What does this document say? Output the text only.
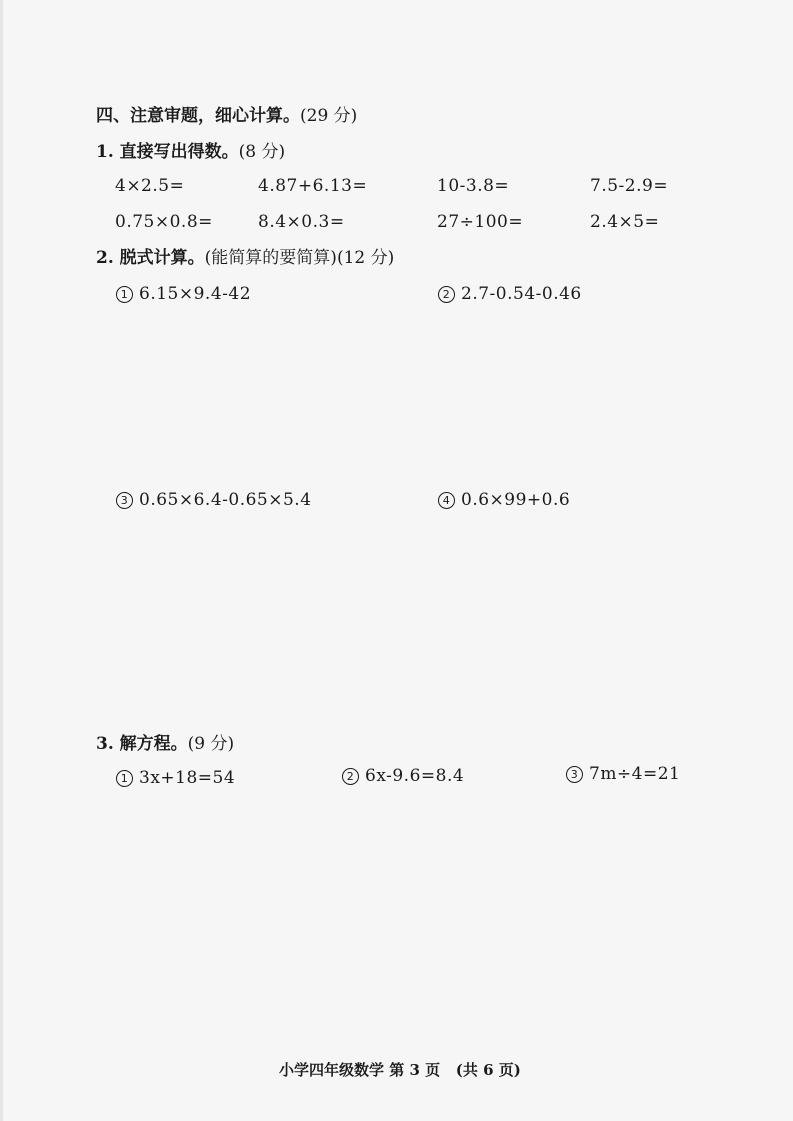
四、注意审题，细心计算。(29 分)
1. 直接写出得数。(8 分)
4×2.5=	4.87+6.13=	10-3.8=	7.5-2.9=
0.75×0.8=	8.4×0.3=	27÷100=	2.4×5=
2. 脱式计算。(能简算的要简算)(12 分)
1 6.15×9.4-42	2 2.7-0.54-0.46
3 0.65×6.4-0.65×5.4	4 0.6×99+0.6
3. 解方程。(9 分)
1 3x+18=54	2 6x-9.6=8.4	3 7m÷4=21
小学四年级数学 第 3 页 (共 6 页)
